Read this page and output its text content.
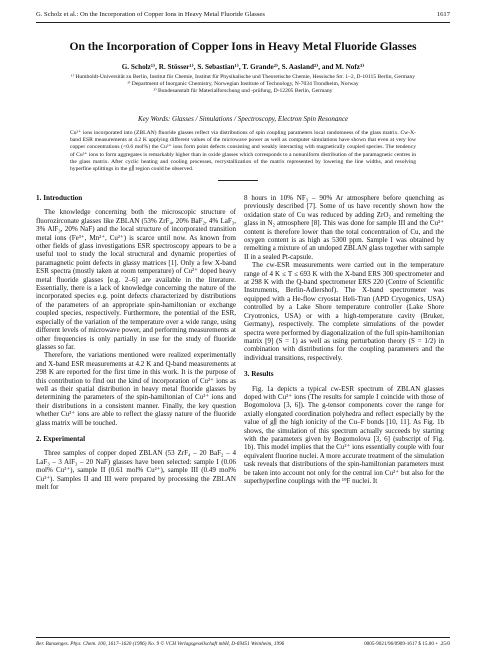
G. Scholz et al.: On the Incorporation of Copper Ions in Heavy Metal Fluoride Glasses	1617
On the Incorporation of Copper Ions in Heavy Metal Fluoride Glasses
G. Scholz¹⁾, R. Stösser¹⁾, S. Sebastian¹⁾, T. Grande²⁾, S. Aasland²⁾, and M. Nofz³⁾
¹⁾ Humboldt-Universität zu Berlin, Institut für Chemie, Institut für Physikalische und Theoretische Chemie, Hessische Str. 1–2, D-10115 Berlin, Germany
²⁾ Department of Inorganic Chemistry, Norwegian Institute of Technology, N-7034 Trondheim, Norway
³⁾ Bundesanstalt für Materialforschung und -prüfung, D-12205 Berlin, Germany
Key Words: Glasses / Simulations / Spectroscopy, Electron Spin Resonance
Cu²⁺ ions incorporated into (ZBLAN) fluoride glasses reflect via distributions of spin coupling parameters local randomness of the glass matrix. Cw-X-band ESR measurements at 4.2 K applying different values of the microwave power as well as computer simulations have shown that even at very low copper concentrations (<0.6 mol%) the Cu²⁺ ions form point defects consisting and weakly interacting with magnetically coupled species. The tendency of Cu²⁺ ions to form aggregates is remarkably higher than in oxide glasses which corresponds to a nonuniform distribution of the paramagnetic centres in the glass matrix. After cyclic heating and cooling processes, recrystallization of the matrix represented by lowering the line widths, and resolving hyperfine splittings in the g∥ region could be observed.
1. Introduction

The knowledge concerning both the microscopic structure of fluorozirconate glasses like ZBLAN (53% ZrF₄, 20% BaF₂, 4% LaF₃, 3% AlF₃, 20% NaF) and the local structure of incorporated transition metal ions (Fe³⁺, Mn²⁺, Cu²⁺) is scarce until now. As known from other fields of glass investigations ESR spectroscopy appears to be a useful tool to study the local structural and dynamic properties of paramagnetic point defects in glassy matrices [1]. Only a few X-band ESR spectra (mostly taken at room temperature) of Cu²⁺ doped heavy metal fluoride glasses [e.g. 2–6] are available in the literature. Essentially, there is a lack of knowledge concerning the nature of the incorporated species e.g. point defects characterized by distributions of the parameters of an appropriate spin-hamiltonian or exchange coupled species, respectively. Furthermore, the potential of the ESR, especially of the variation of the temperature over a wide range, using different levels of microwave power, and performing measurements at other frequencies is only partially in use for the study of fluoride glasses so far.

Therefore, the variations mentioned were realized experimentally and X-band ESR measurements at 4.2 K and Q-band measurements at 298 K are reported for the first time in this work. It is the purpose of this contribution to find out the kind of incorporation of Cu²⁺ ions as well as their spatial distribution in heavy metal fluoride glasses by determining the parameters of the spin-hamiltonian of Cu²⁺ ions and their distributions in a consistent manner. Finally, the key question whether Cu²⁺ ions are able to reflect the glassy nature of the fluoride glass matrix will be touched.

2. Experimental

Three samples of copper doped ZBLAN (53 ZrF₄ – 20 BaF₂ – 4 LaF₃ – 3 AlF₃ – 20 NaF) glasses have been selected: sample I (0.06 mol% Cu²⁺), sample II (0.61 mol% Cu²⁺), sample III (0.49 mol% Cu²⁺). Samples II and III were prepared by processing the ZBLAN melt for

8 hours in 10% NF₃ – 90% Ar atmosphere before quenching as previously described [7]. Some of us have recently shown how the oxidation state of Cu was reduced by adding ZrO₂ and remelting the glass in N₂ atmosphere [8]. This was done for sample III and the Cu²⁺ content is therefore lower than the total concentration of Cu, and the oxygen content is as high as 5300 ppm. Sample I was obtained by remelting a mixture of an undoped ZBLAN glass together with sample II in a sealed Pt-capsule.

The cw-ESR measurements were carried out in the temperature range of 4 K ≤ T ≤ 693 K with the X-band ERS 300 spectrometer and at 298 K with the Q-band spectrometer ERS 220 (Centre of Scientific Instruments, Berlin-Adlershof). The X-band spectrometer was equipped with a He-flow cryostat Heli-Tran (APD Cryogenics, USA) controlled by a Lake Shore temperature controller (Lake Shore Cryotronics, USA) or with a high-temperature cavity (Bruker, Germany), respectively. The complete simulations of the powder spectra were performed by diagonalization of the full spin-hamiltonian matrix [9] (S = 1) as well as using perturbation theory (S = 1/2) in combination with distributions for the coupling parameters and the individual transitions, respectively.

3. Results

Fig. 1a depicts a typical cw-ESR spectrum of ZBLAN glasses doped with Cu²⁺ ions (The results for sample I coincide with those of Bogomolova [3, 6]). The g-tensor components cover the range for axially elongated coordination polyhedra and reflect especially by the value of g∥ the high ionicity of the Cu–F bonds [10, 11]. As Fig. 1b shows, the simulation of this spectrum actually succeeds by starting with the parameters given by Bogomolova [3, 6] (subscript of Fig. 1b). This model implies that the Cu²⁺ ions essentially couple with four equivalent fluorine nuclei. A more accurate treatment of the simulation task reveals that distributions of the spin-hamiltonian parameters must be taken into account not only for the central ion Cu²⁺ but also for the superhyperfine couplings with the ¹⁹F nuclei. It

Ber. Bunsenges. Phys. Chem. 100, 1617–1620 (1996) No. 9 © VCH Verlagsgesellschaft mbH, D-69451 Weinheim, 1996	0005-9021/96/0909-1617 $ 15.00 + .25/0
